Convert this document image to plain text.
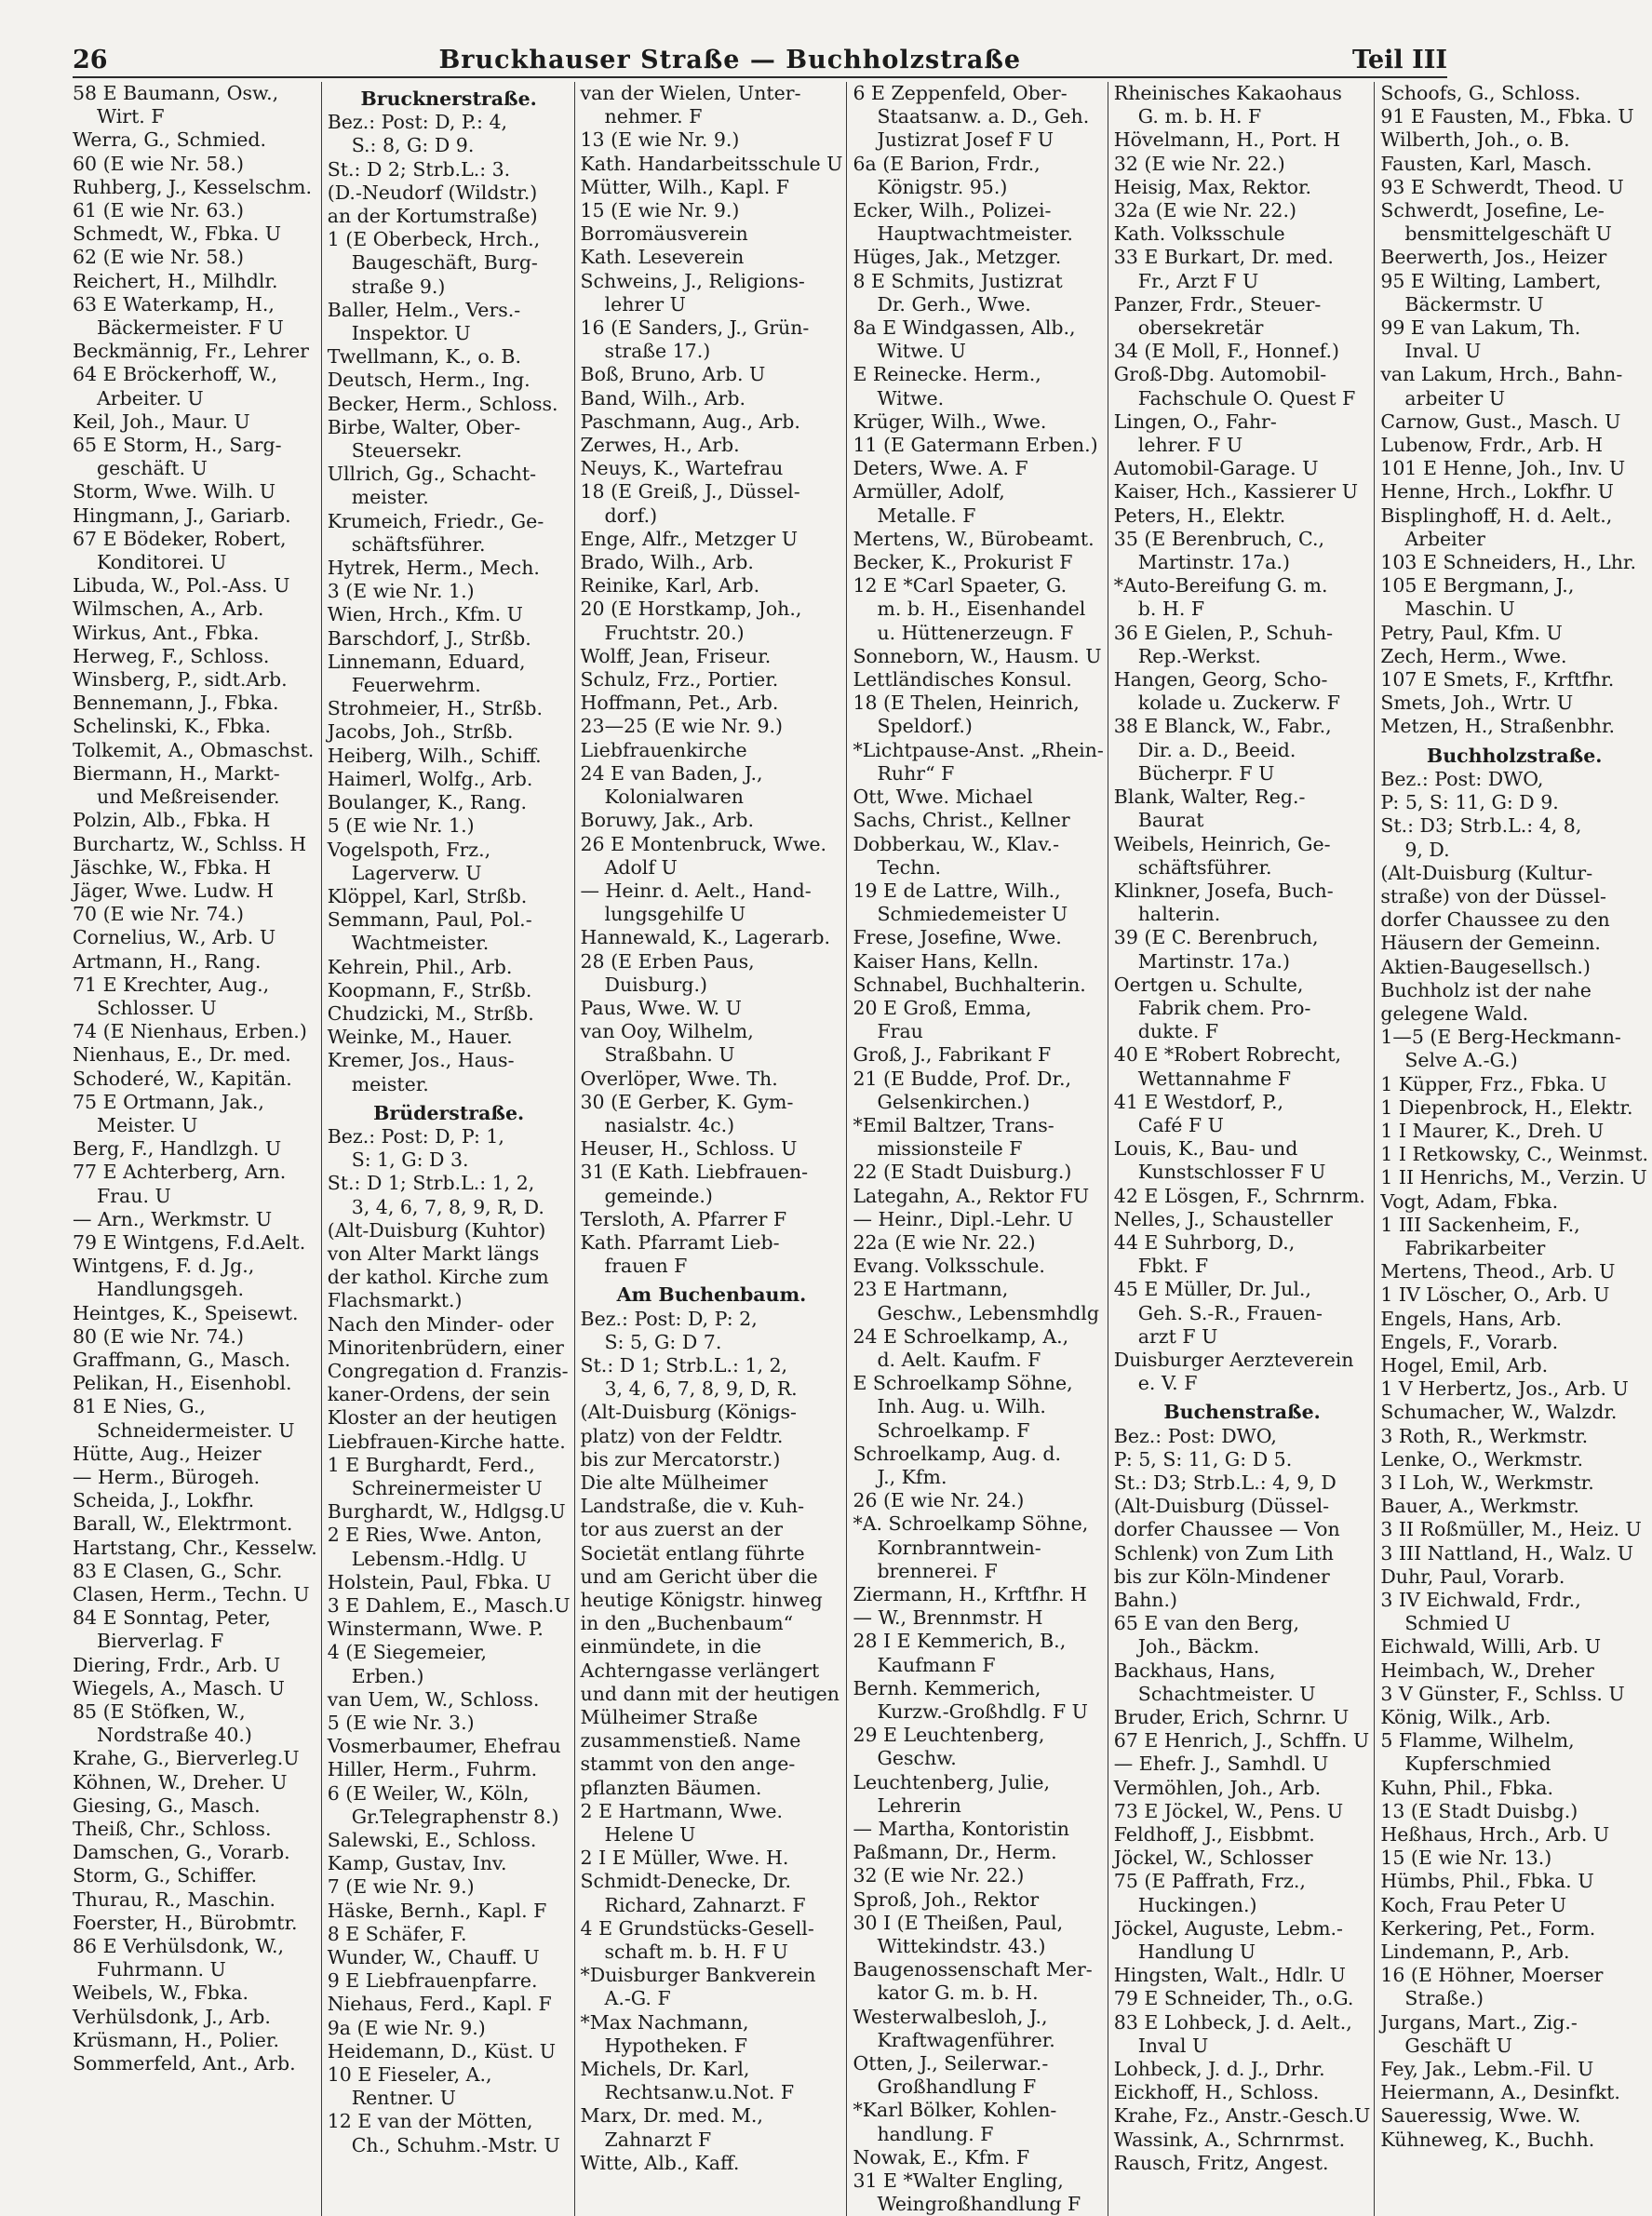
26	Bruckhauser Straße — Buchholzstraße	Teil III
58 E Baumann, Osw.,
Wirt. F
Werra, G., Schmied.
60 (E wie Nr. 58.)
Ruhberg, J., Kesselschm.
61 (E wie Nr. 63.)
Schmedt, W., Fbka. U
62 (E wie Nr. 58.)
Reichert, H., Milhdlr.
63 E Waterkamp, H.,
Bäckermeister. F U
Beckmännig, Fr., Lehrer
64 E Bröckerhoff, W.,
Arbeiter. U
Keil, Joh., Maur. U
65 E Storm, H., Sarg-
geschäft. U
Storm, Wwe. Wilh. U
Hingmann, J., Gariarb.
67 E Bödeker, Robert,
Konditorei. U
Libuda, W., Pol.-Ass. U
Wilmschen, A., Arb.
Wirkus, Ant., Fbka.
Herweg, F., Schloss.
Winsberg, P., sidt.Arb.
Bennemann, J., Fbka.
Schelinski, K., Fbka.
Tolkemit, A., Obmaschst.
Biermann, H., Markt-
und Meßreisender.
Polzin, Alb., Fbka. H
Burchartz, W., Schlss. H
Jäschke, W., Fbka. H
Jäger, Wwe. Ludw. H
70 (E wie Nr. 74.)
Cornelius, W., Arb. U
Artmann, H., Rang.
71 E Krechter, Aug.,
Schlosser. U
74 (E Nienhaus, Erben.)
Nienhaus, E., Dr. med.
Schoderé, W., Kapitän.
75 E Ortmann, Jak.,
Meister. U
Berg, F., Handlzgh. U
77 E Achterberg, Arn.
Frau. U
— Arn., Werkmstr. U
79 E Wintgens, F.d.Aelt.
Wintgens, F. d. Jg.,
Handlungsgeh.
Heintges, K., Speisewt.
80 (E wie Nr. 74.)
Graffmann, G., Masch.
Pelikan, H., Eisenhobl.
81 E Nies, G.,
Schneidermeister. U
Hütte, Aug., Heizer
— Herm., Bürogeh.
Scheida, J., Lokfhr.
Barall, W., Elektrmont.
Hartstang, Chr., Kesselw.
83 E Clasen, G., Schr.
Clasen, Herm., Techn. U
84 E Sonntag, Peter,
Bierverlag. F
Diering, Frdr., Arb. U
Wiegels, A., Masch. U
85 (E Stöfken, W.,
Nordstraße 40.)
Krahe, G., Bierverleg.U
Köhnen, W., Dreher. U
Giesing, G., Masch.
Theiß, Chr., Schloss.
Damschen, G., Vorarb.
Storm, G., Schiffer.
Thurau, R., Maschin.
Foerster, H., Bürobmtr.
86 E Verhülsdonk, W.,
Fuhrmann. U
Weibels, W., Fbka.
Verhülsdonk, J., Arb.
Krüsmann, H., Polier.
Sommerfeld, Ant., Arb.
Brucknerstraße.
Bez.: Post: D, P.: 4,
S.: 8, G: D 9.
St.: D 2; Strb.L.: 3.
(D.-Neudorf (Wildstr.)
an der Kortumstraße)
1 (E Oberbeck, Hrch.,
Baugeschäft, Burg-
straße 9.)
Baller, Helm., Vers.-
Inspektor. U
Twellmann, K., o. B.
Deutsch, Herm., Ing.
Becker, Herm., Schloss.
Birbe, Walter, Ober-
Steuersekr.
Ullrich, Gg., Schacht-
meister.
Krumeich, Friedr., Ge-
schäftsführer.
Hytrek, Herm., Mech.
3 (E wie Nr. 1.)
Wien, Hrch., Kfm. U
Barschdorf, J., Strßb.
Linnemann, Eduard,
Feuerwehrm.
Strohmeier, H., Strßb.
Jacobs, Joh., Strßb.
Heiberg, Wilh., Schiff.
Haimerl, Wolfg., Arb.
Boulanger, K., Rang.
5 (E wie Nr. 1.)
Vogelspoth, Frz.,
Lagerverw. U
Klöppel, Karl, Strßb.
Semmann, Paul, Pol.-
Wachtmeister.
Kehrein, Phil., Arb.
Koopmann, F., Strßb.
Chudzicki, M., Strßb.
Weinke, M., Hauer.
Kremer, Jos., Haus-
meister.
Brüderstraße.
Bez.: Post: D, P: 1,
S: 1, G: D 3.
St.: D 1; Strb.L.: 1, 2,
3, 4, 6, 7, 8, 9, R, D.
(Alt-Duisburg (Kuhtor)
von Alter Markt längs
der kathol. Kirche zum
Flachsmarkt.)
Nach den Minder- oder
Minoritenbrüdern, einer
Congregation d. Franzis-
kaner-Ordens, der sein
Kloster an der heutigen
Liebfrauen-Kirche hatte.
1 E Burghardt, Ferd.,
Schreinermeister U
Burghardt, W., Hdlgsg.U
2 E Ries, Wwe. Anton,
Lebensm.-Hdlg. U
Holstein, Paul, Fbka. U
3 E Dahlem, E., Masch.U
Winstermann, Wwe. P.
4 (E Siegemeier,
Erben.)
van Uem, W., Schloss.
5 (E wie Nr. 3.)
Vosmerbaumer, Ehefrau
Hiller, Herm., Fuhrm.
6 (E Weiler, W., Köln,
Gr.Telegraphenstr 8.)
Salewski, E., Schloss.
Kamp, Gustav, Inv.
7 (E wie Nr. 9.)
Häske, Bernh., Kapl. F
8 E Schäfer, F.
Wunder, W., Chauff. U
9 E Liebfrauenpfarre.
Niehaus, Ferd., Kapl. F
9a (E wie Nr. 9.)
Heidemann, D., Küst. U
10 E Fieseler, A.,
Rentner. U
12 E van der Mötten,
Ch., Schuhm.-Mstr. U
van der Wielen, Unter-
nehmer. F
13 (E wie Nr. 9.)
Kath. Handarbeitsschule U
Mütter, Wilh., Kapl. F
15 (E wie Nr. 9.)
Borromäusverein
Kath. Leseverein
Schweins, J., Religions-
lehrer U
16 (E Sanders, J., Grün-
straße 17.)
Boß, Bruno, Arb. U
Band, Wilh., Arb.
Paschmann, Aug., Arb.
Zerwes, H., Arb.
Neuys, K., Wartefrau
18 (E Greiß, J., Düssel-
dorf.)
Enge, Alfr., Metzger U
Brado, Wilh., Arb.
Reinike, Karl, Arb.
20 (E Horstkamp, Joh.,
Fruchtstr. 20.)
Wolff, Jean, Friseur.
Schulz, Frz., Portier.
Hoffmann, Pet., Arb.
23—25 (E wie Nr. 9.)
Liebfrauenkirche
24 E van Baden, J.,
Kolonialwaren
Boruwy, Jak., Arb.
26 E Montenbruck, Wwe.
Adolf U
— Heinr. d. Aelt., Hand-
lungsgehilfe U
Hannewald, K., Lagerarb.
28 (E Erben Paus,
Duisburg.)
Paus, Wwe. W. U
van Ooy, Wilhelm,
Straßbahn. U
Overlöper, Wwe. Th.
30 (E Gerber, K. Gym-
nasialstr. 4c.)
Heuser, H., Schloss. U
31 (E Kath. Liebfrauen-
gemeinde.)
Tersloth, A. Pfarrer F
Kath. Pfarramt Lieb-
frauen F
Am Buchenbaum.
Bez.: Post: D, P: 2,
S: 5, G: D 7.
St.: D 1; Strb.L.: 1, 2,
3, 4, 6, 7, 8, 9, D, R.
(Alt-Duisburg (Königs-
platz) von der Feldtr.
bis zur Mercatorstr.)
Die alte Mülheimer
Landstraße, die v. Kuh-
tor aus zuerst an der
Societät entlang führte
und am Gericht über die
heutige Königstr. hinweg
in den „Buchenbaum“
einmündete, in die
Achterngasse verlängert
und dann mit der heutigen
Mülheimer Straße
zusammenstieß. Name
stammt von den ange-
pflanzten Bäumen.
2 E Hartmann, Wwe.
Helene U
2 I E Müller, Wwe. H.
Schmidt-Denecke, Dr.
Richard, Zahnarzt. F
4 E Grundstücks-Gesell-
schaft m. b. H. F U
*Duisburger Bankverein
A.-G. F
*Max Nachmann,
Hypotheken. F
Michels, Dr. Karl,
Rechtsanw.u.Not. F
Marx, Dr. med. M.,
Zahnarzt F
Witte, Alb., Kaff.
6 E Zeppenfeld, Ober-
Staatsanw. a. D., Geh.
Justizrat Josef F U
6a (E Barion, Frdr.,
Königstr. 95.)
Ecker, Wilh., Polizei-
Hauptwachtmeister.
Hüges, Jak., Metzger.
8 E Schmits, Justizrat
Dr. Gerh., Wwe.
8a E Windgassen, Alb.,
Witwe. U
E Reinecke. Herm.,
Witwe.
Krüger, Wilh., Wwe.
11 (E Gatermann Erben.)
Deters, Wwe. A. F
Armüller, Adolf,
Metalle. F
Mertens, W., Bürobeamt.
Becker, K., Prokurist F
12 E *Carl Spaeter, G.
m. b. H., Eisenhandel
u. Hüttenerzeugn. F
Sonneborn, W., Hausm. U
Lettländisches Konsul.
18 (E Thelen, Heinrich,
Speldorf.)
*Lichtpause-Anst. „Rhein-
Ruhr“ F
Ott, Wwe. Michael
Sachs, Christ., Kellner
Dobberkau, W., Klav.-
Techn.
19 E de Lattre, Wilh.,
Schmiedemeister U
Frese, Josefine, Wwe.
Kaiser Hans, Kelln.
Schnabel, Buchhalterin.
20 E Groß, Emma,
Frau
Groß, J., Fabrikant F
21 (E Budde, Prof. Dr.,
Gelsenkirchen.)
*Emil Baltzer, Trans-
missionsteile F
22 (E Stadt Duisburg.)
Lategahn, A., Rektor FU
— Heinr., Dipl.-Lehr. U
22a (E wie Nr. 22.)
Evang. Volksschule.
23 E Hartmann,
Geschw., Lebensmhdlg
24 E Schroelkamp, A.,
d. Aelt. Kaufm. F
E Schroelkamp Söhne,
Inh. Aug. u. Wilh.
Schroelkamp. F
Schroelkamp, Aug. d.
J., Kfm.
26 (E wie Nr. 24.)
*A. Schroelkamp Söhne,
Kornbranntwein-
brennerei. F
Ziermann, H., Krftfhr. H
— W., Brennmstr. H
28 I E Kemmerich, B.,
Kaufmann F
Bernh. Kemmerich,
Kurzw.-Großhdlg. F U
29 E Leuchtenberg,
Geschw.
Leuchtenberg, Julie,
Lehrerin
— Martha, Kontoristin
Paßmann, Dr., Herm.
32 (E wie Nr. 22.)
Sproß, Joh., Rektor
30 I (E Theißen, Paul,
Wittekindstr. 43.)
Baugenossenschaft Mer-
kator G. m. b. H.
Westerwalbesloh, J.,
Kraftwagenführer.
Otten, J., Seilerwar.-
Großhandlung F
*Karl Bölker, Kohlen-
handlung. F
Nowak, E., Kfm. F
31 E *Walter Engling,
Weingroßhandlung F
Rheinisches Kakaohaus
G. m. b. H. F
Hövelmann, H., Port. H
32 (E wie Nr. 22.)
Heisig, Max, Rektor.
32a (E wie Nr. 22.)
Kath. Volksschule
33 E Burkart, Dr. med.
Fr., Arzt F U
Panzer, Frdr., Steuer-
obersekretär
34 (E Moll, F., Honnef.)
Groß-Dbg. Automobil-
Fachschule O. Quest F
Lingen, O., Fahr-
lehrer. F U
Automobil-Garage. U
Kaiser, Hch., Kassierer U
Peters, H., Elektr.
35 (E Berenbruch, C.,
Martinstr. 17a.)
*Auto-Bereifung G. m.
b. H. F
36 E Gielen, P., Schuh-
Rep.-Werkst.
Hangen, Georg, Scho-
kolade u. Zuckerw. F
38 E Blanck, W., Fabr.,
Dir. a. D., Beeid.
Bücherpr. F U
Blank, Walter, Reg.-
Baurat
Weibels, Heinrich, Ge-
schäftsführer.
Klinkner, Josefa, Buch-
halterin.
39 (E C. Berenbruch,
Martinstr. 17a.)
Oertgen u. Schulte,
Fabrik chem. Pro-
dukte. F
40 E *Robert Robrecht,
Wettannahme F
41 E Westdorf, P.,
Café F U
Louis, K., Bau- und
Kunstschlosser F U
42 E Lösgen, F., Schrnrm.
Nelles, J., Schausteller
44 E Suhrborg, D.,
Fbkt. F
45 E Müller, Dr. Jul.,
Geh. S.-R., Frauen-
arzt F U
Duisburger Aerzteverein
e. V. F
Buchenstraße.
Bez.: Post: DWO,
P: 5, S: 11, G: D 5.
St.: D3; Strb.L.: 4, 9, D
(Alt-Duisburg (Düssel-
dorfer Chaussee — Von
Schlenk) von Zum Lith
bis zur Köln-Mindener
Bahn.)
65 E van den Berg,
Joh., Bäckm.
Backhaus, Hans,
Schachtmeister. U
Bruder, Erich, Schrnr. U
67 E Henrich, J., Schffn. U
— Ehefr. J., Samhdl. U
Vermöhlen, Joh., Arb.
73 E Jöckel, W., Pens. U
Feldhoff, J., Eisbbmt.
Jöckel, W., Schlosser
75 (E Paffrath, Frz.,
Huckingen.)
Jöckel, Auguste, Lebm.-
Handlung U
Hingsten, Walt., Hdlr. U
79 E Schneider, Th., o.G.
83 E Lohbeck, J. d. Aelt.,
Inval U
Lohbeck, J. d. J., Drhr.
Eickhoff, H., Schloss.
Krahe, Fz., Anstr.-Gesch.U
Wassink, A., Schrnrmst.
Rausch, Fritz, Angest.
Schoofs, G., Schloss.
91 E Fausten, M., Fbka. U
Wilberth, Joh., o. B.
Fausten, Karl, Masch.
93 E Schwerdt, Theod. U
Schwerdt, Josefine, Le-
bensmittelgeschäft U
Beerwerth, Jos., Heizer
95 E Wilting, Lambert,
Bäckermstr. U
99 E van Lakum, Th.
Inval. U
van Lakum, Hrch., Bahn-
arbeiter U
Carnow, Gust., Masch. U
Lubenow, Frdr., Arb. H
101 E Henne, Joh., Inv. U
Henne, Hrch., Lokfhr. U
Bisplinghoff, H. d. Aelt.,
Arbeiter
103 E Schneiders, H., Lhr.
105 E Bergmann, J.,
Maschin. U
Petry, Paul, Kfm. U
Zech, Herm., Wwe.
107 E Smets, F., Krftfhr.
Smets, Joh., Wrtr. U
Metzen, H., Straßenbhr.
Buchholzstraße.
Bez.: Post: DWO,
P: 5, S: 11, G: D 9.
St.: D3; Strb.L.: 4, 8,
9, D.
(Alt-Duisburg (Kultur-
straße) von der Düssel-
dorfer Chaussee zu den
Häusern der Gemeinn.
Aktien-Baugesellsch.)
Buchholz ist der nahe
gelegene Wald.
1—5 (E Berg-Heckmann-
Selve A.-G.)
1 Küpper, Frz., Fbka. U
1 Diepenbrock, H., Elektr.
1 I Maurer, K., Dreh. U
1 I Retkowsky, C., Weinmst.
1 II Henrichs, M., Verzin. U
Vogt, Adam, Fbka.
1 III Sackenheim, F.,
Fabrikarbeiter
Mertens, Theod., Arb. U
1 IV Löscher, O., Arb. U
Engels, Hans, Arb.
Engels, F., Vorarb.
Hogel, Emil, Arb.
1 V Herbertz, Jos., Arb. U
Schumacher, W., Walzdr.
3 Roth, R., Werkmstr.
Lenke, O., Werkmstr.
3 I Loh, W., Werkmstr.
Bauer, A., Werkmstr.
3 II Roßmüller, M., Heiz. U
3 III Nattland, H., Walz. U
Duhr, Paul, Vorarb.
3 IV Eichwald, Frdr.,
Schmied U
Eichwald, Willi, Arb. U
Heimbach, W., Dreher
3 V Günster, F., Schlss. U
König, Wilk., Arb.
5 Flamme, Wilhelm,
Kupferschmied
Kuhn, Phil., Fbka.
13 (E Stadt Duisbg.)
Heßhaus, Hrch., Arb. U
15 (E wie Nr. 13.)
Hümbs, Phil., Fbka. U
Koch, Frau Peter U
Kerkering, Pet., Form.
Lindemann, P., Arb.
16 (E Höhner, Moerser
Straße.)
Jurgans, Mart., Zig.-
Geschäft U
Fey, Jak., Lebm.-Fil. U
Heiermann, A., Desinfkt.
Saueressig, Wwe. W.
Kühneweg, K., Buchh.
